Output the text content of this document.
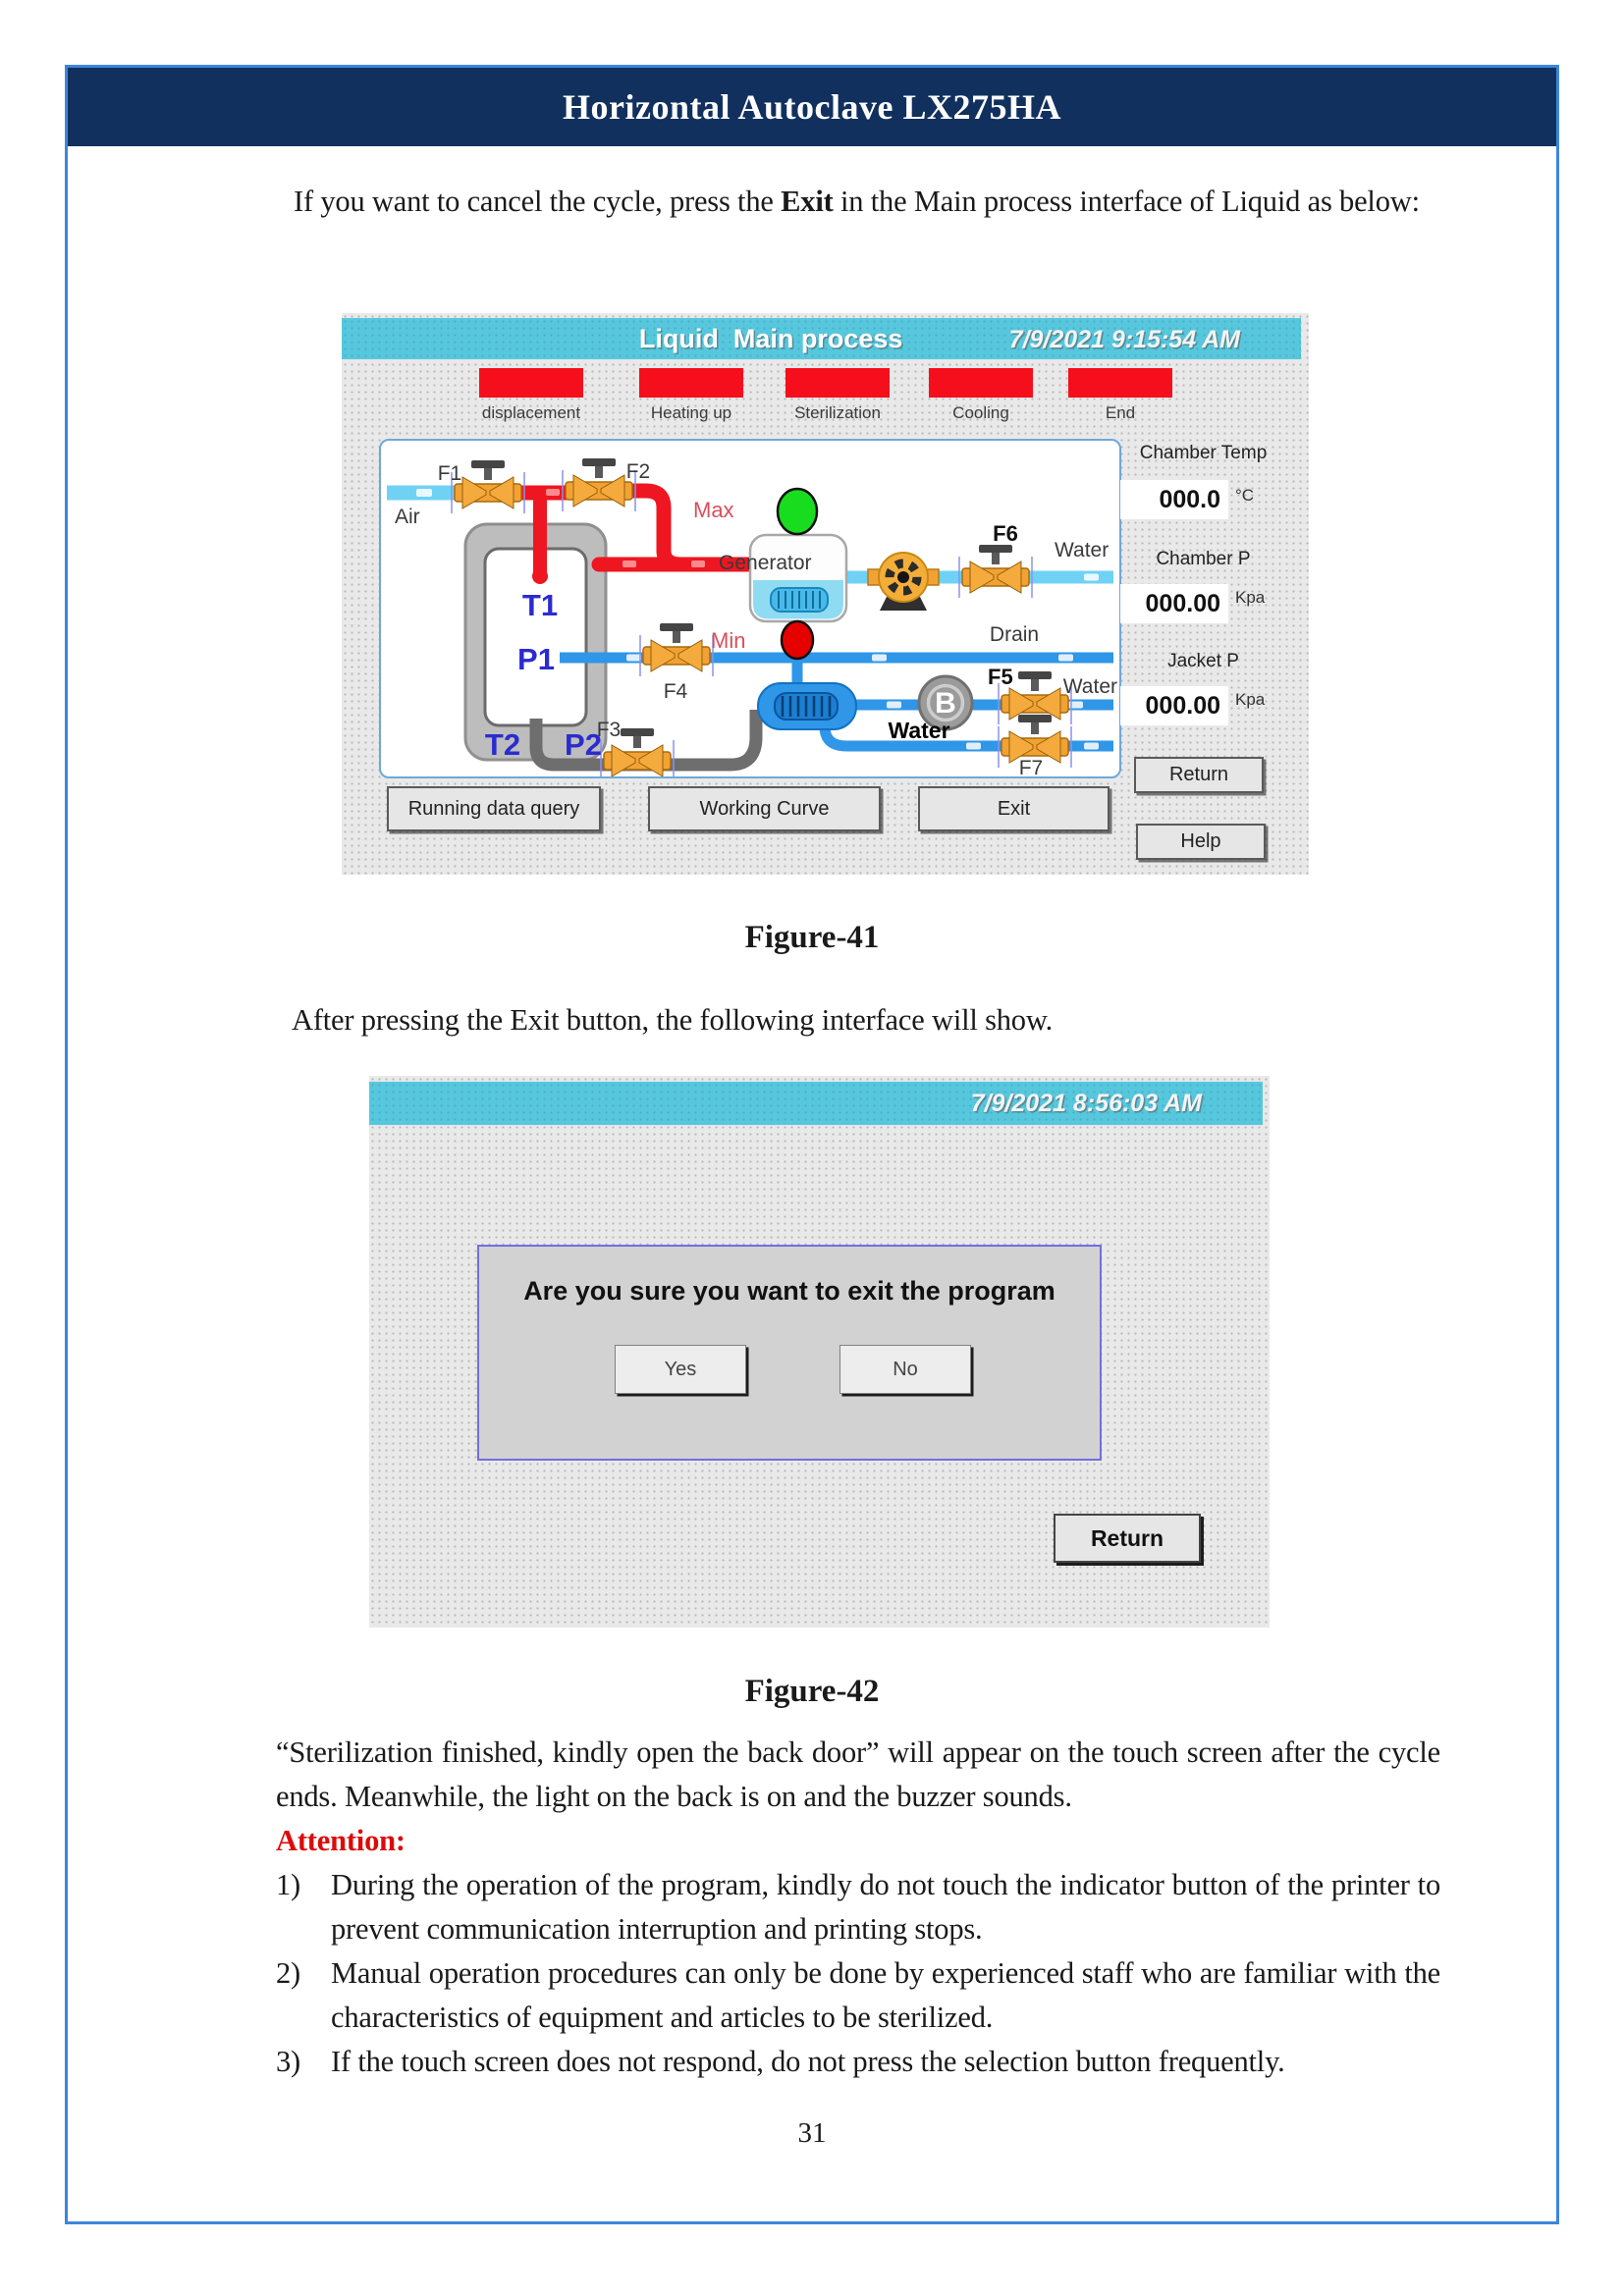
Horizontal Autoclave LX275HA

If you want to cancel the cycle, press the Exit in the Main process interface of Liquid as below:

Liquid  Main process	7/9/2021 9:15:54 AM
displacement	Heating up	Sterilization	Cooling	End
B
F1	F2
Air
T1
P1
T2 P2
Max
Min
Generator
Drain
F4
F6
Water
F5 Water
F3	Water
F7
Chamber Temp
000.0 °C
Chamber P
000.00 Kpa
Jacket P
000.00 Kpa
Return
Help
Running data query	Working Curve	Exit
Figure-41

After pressing the Exit button, the following interface will show.

7/9/2021 8:56:03 AM
Are you sure you want to exit the program
Yes	No
Return
Figure-42

“Sterilization finished, kindly open the back door” will appear on the touch screen after the cycle ends. Meanwhile, the light on the back is on and the buzzer sounds.

Attention:

1)	During the operation of the program, kindly do not touch the indicator button of the printer to prevent communication interruption and printing stops.
2)	Manual operation procedures can only be done by experienced staff who are familiar with the characteristics of equipment and articles to be sterilized.
3)	If the touch screen does not respond, do not press the selection button frequently.
31
